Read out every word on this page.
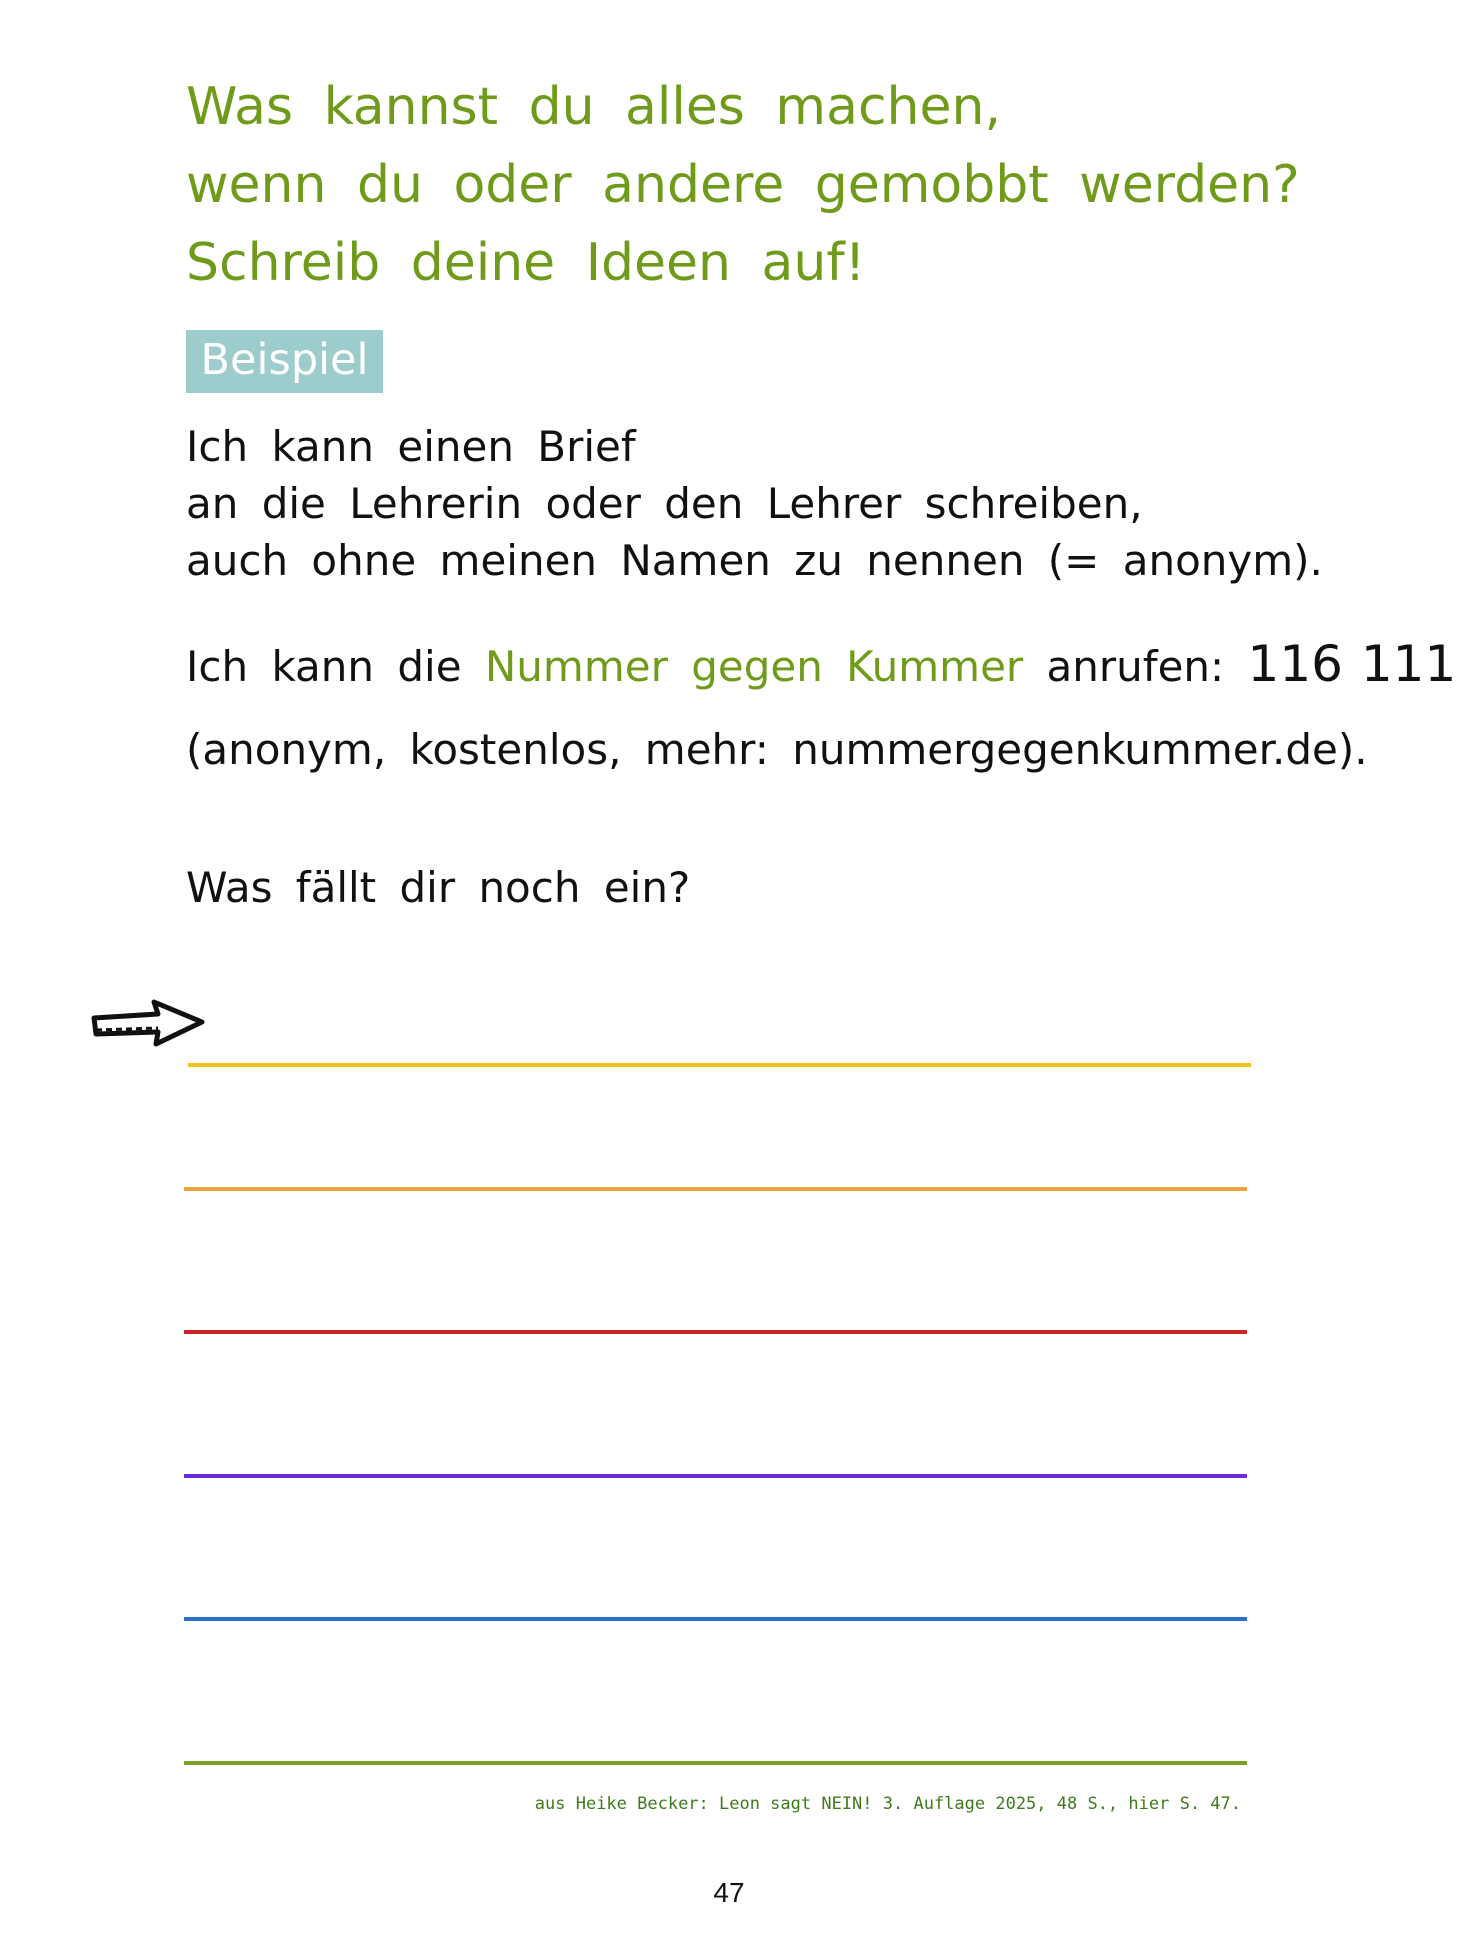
Was kannst du alles machen,
wenn du oder andere gemobbt werden?
Schreib deine Ideen auf!
Beispiel
Ich kann einen Brief
an die Lehrerin oder den Lehrer schreiben,
auch ohne meinen Namen zu nennen (= anonym).
Ich kann die Nummer gegen Kummer anrufen: 116 111
(anonym, kostenlos, mehr: nummergegenkummer.de).
Was fällt dir noch ein?
aus Heike Becker: Leon sagt NEIN! 3. Auflage 2025, 48 S., hier S. 47.
47
